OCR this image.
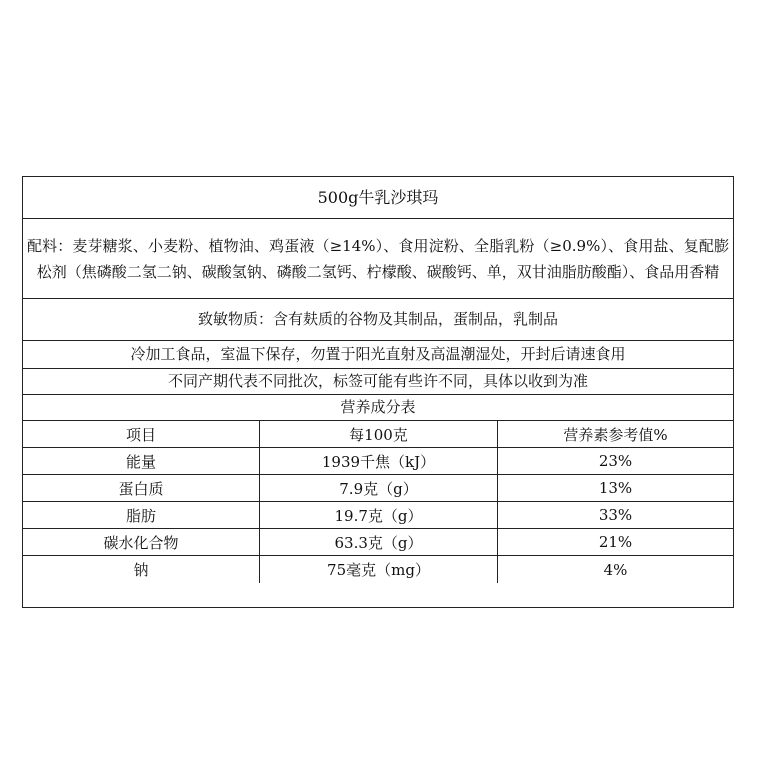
500g牛乳沙琪玛
配料：麦芽糖浆、小麦粉、植物油、鸡蛋液（≥14%）、食用淀粉、全脂乳粉（≥0.9%）、食用盐、复配膨松剂（焦磷酸二氢二钠、碳酸氢钠、磷酸二氢钙、柠檬酸、碳酸钙、单，双甘油脂肪酸酯）、食品用香精
致敏物质：含有麸质的谷物及其制品，蛋制品，乳制品
冷加工食品，室温下保存，勿置于阳光直射及高温潮湿处，开封后请速食用
不同产期代表不同批次，标签可能有些许不同，具体以收到为准
营养成分表
项目	每100克	营养素参考值%
能量	1939千焦（kJ）	23%
蛋白质	7.9克（g）	13%
脂肪	19.7克（g）	33%
碳水化合物	63.3克（g）	21%
钠	75毫克（mg）	4%
